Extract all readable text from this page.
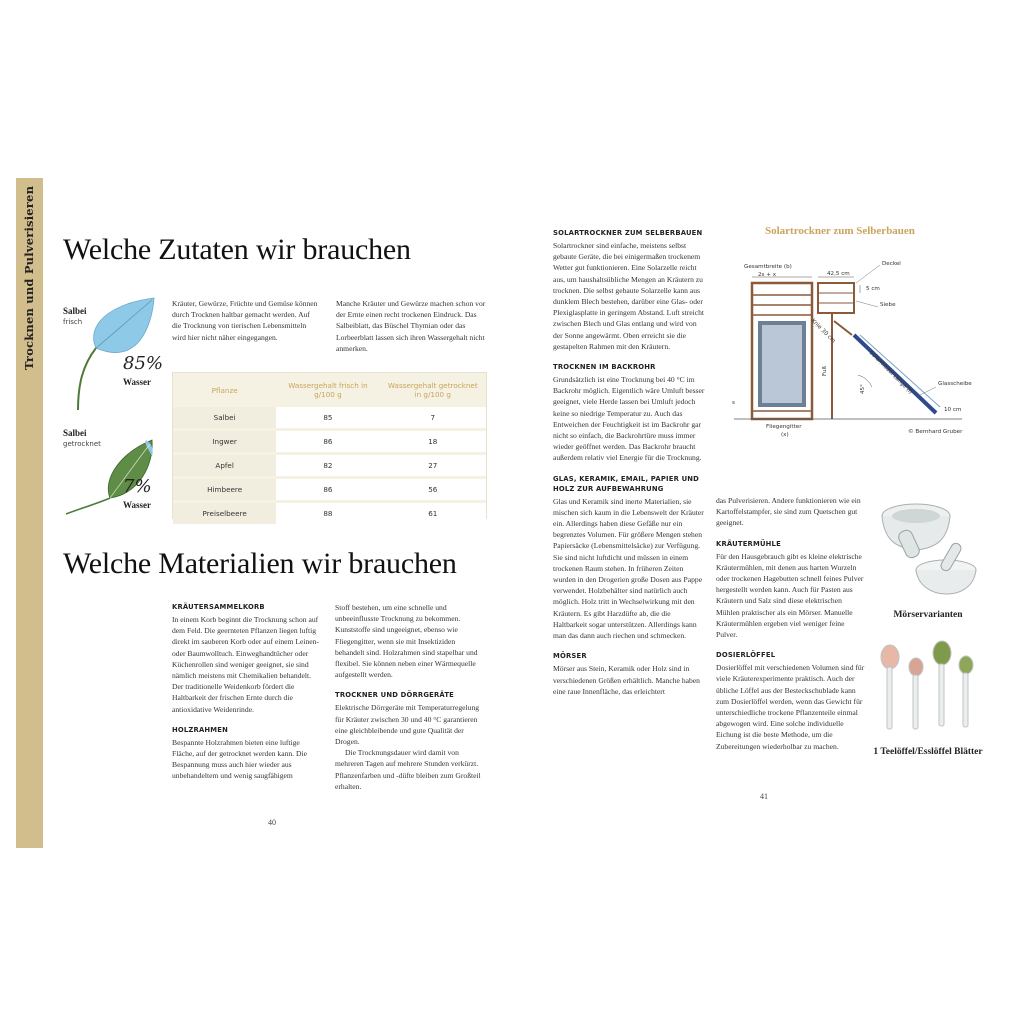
Trocknen und Pulverisieren Welche Zutaten wir brauchen

Kräuter, Gewürze, Früchte und Gemüse können durch Trocknen haltbar gemacht werden. Auf die Trocknung von tierischen Lebensmitteln wird hier nicht näher eingegangen.

Manche Kräuter und Gewürze machen schon vor der Ernte einen recht trockenen Eindruck. Das Salbeiblatt, das Büschel Thymian oder das Lorbeerblatt lassen sich ihren Wassergehalt nicht anmerken.

Salbei
frisch
85%
Wasser
Salbei
getrocknet
7%
Wasser
Pflanze	Wassergehalt frisch in g/100 g	Wassergehalt getrocknet in g/100 g
Salbei	85	7
Ingwer	86	18
Apfel	82	27
Himbeere	86	56
Preiselbeere	88	61
Welche Materialien wir brauchen
KRÄUTERSAMMELKORB

In einem Korb beginnt die Trocknung schon auf dem Feld. Die geernteten Pflanzen liegen luftig direkt im sauberen Korb oder auf einem Leinen- oder Baumwolltuch. Einweghandtücher oder Küchenrollen sind weniger geeignet, sie sind nämlich meistens mit Chemikalien behandelt. Der traditionelle Weidenkorb fördert die Haltbarkeit der frischen Ernte durch die antioxidative Weidenrinde.

HOLZRAHMEN

Bespannte Holzrahmen bieten eine luftige Fläche, auf der getrocknet werden kann. Die Bespannung muss auch hier wieder aus unbehandeltem und wenig saugfähigem

Stoff bestehen, um eine schnelle und unbeeinflusste Trocknung zu bekommen. Kunststoffe sind ungeeignet, ebenso wie Fliegengitter, wenn sie mit Insektiziden behandelt sind. Holzrahmen sind stapelbar und flexibel. Sie können neben einer Wärmequelle aufgestellt werden.

TROCKNER UND DÖRRGERÄTE

Elektrische Dörrgeräte mit Temperaturregelung für Kräuter zwischen 30 und 40 °C garantieren eine gleichbleibende und gute Qualität der Drogen.

Die Trocknungsdauer wird damit von mehreren Tagen auf mehrere Stunden verkürzt. Pflanzenfarben und -düfte bleiben zum Großteil erhalten.

40
SOLARTROCKNER ZUM SELBERBAUEN

Solartrockner sind einfache, meistens selbst gebaute Geräte, die bei einigermaßen trockenem Wetter gut funktionieren. Eine Solarzelle reicht aus, um haushaltsübliche Mengen an Kräutern zu trocknen. Die selbst gebaute Solarzelle kann aus dunklem Blech bestehen, darüber eine Glas- oder Plexiglasplatte in geringem Abstand. Luft streicht zwischen Blech und Glas entlang und wird von der Sonne angewärmt. Oben erreicht sie die gestapelten Rahmen mit den Kräutern.

TROCKNEN IM BACKROHR

Grundsätzlich ist eine Trocknung bei 40 °C im Backrohr möglich. Eigentlich wäre Umluft besser geeignet, viele Herde lassen bei Umluft jedoch keine so niedrige Temperatur zu. Auch das Entweichen der Feuchtigkeit ist im Backrohr gar nicht so einfach, die Backrohrtüre muss immer wieder geöffnet werden. Das Backrohr braucht außerdem relativ viel Energie für die Trocknung.

GLAS, KERAMIK, EMAIL, PAPIER UND HOLZ ZUR AUFBEWAHRUNG

Glas und Keramik sind inerte Materialien, sie mischen sich kaum in die Lebenswelt der Kräuter ein. Allerdings haben diese Gefäße nur ein begrenztes Volumen. Für größere Mengen stehen Papiersäcke (Lebensmittelsäcke) zur Verfügung. Sie sind nicht luftdicht und müssen in einem trockenen Raum stehen. In früheren Zeiten wurden in den Drogerien große Dosen aus Pappe verwendet. Holzbehälter sind natürlich auch möglich. Holz tritt in Wechselwirkung mit den Kräutern. Es gibt Harzdüfte ab, die die Haltbarkeit sogar unterstützen. Allerdings kann man das dann auch riechen und schmecken.

MÖRSER

Mörser aus Stein, Keramik oder Holz sind in verschiedenen Größen erhältlich. Manche haben eine raue Innenfläche, das erleichtert

das Pulverisieren. Andere funktionieren wie ein Kartoffelstampfer, sie sind zum Quetschen gut geeignet.

KRÄUTERMÜHLE

Für den Hausgebrauch gibt es kleine elektrische Kräutermühlen, mit denen aus harten Wurzeln oder trockenen Hagebutten schnell feines Pulver hergestellt werden kann. Auch für Pasten aus Kräutern und Salz sind diese elektrischen Mühlen praktischer als ein Mörser. Manuelle Kräutermühlen ergeben viel weniger feine Pulver.

DOSIERLÖFFEL

Dosierlöffel mit verschiedenen Volumen sind für viele Kräuterexperimente praktisch. Auch der übliche Löffel aus der Besteckschublade kann zum Dosierlöffel werden, wenn das Gewicht für unterschiedliche trockene Pflanzenteile einmal abgewogen wird. Eine solche individuelle Eichung ist die beste Methode, um die Zubereitungen wiederholbar zu machen.

Solartrockner zum Selberbauen
Gesamtbreite (b)
2s + x	42,5 cm
Deckel
5 cm
Siebe
Knie 30 cm
Solarmodul Länge (l)
Fuß
45°
Glasscheibe
s
10 cm
Fliegengitter
(x)	© Bernhard Gruber
Mörservarianten
1 Teelöffel/Esslöffel Blätter
41
